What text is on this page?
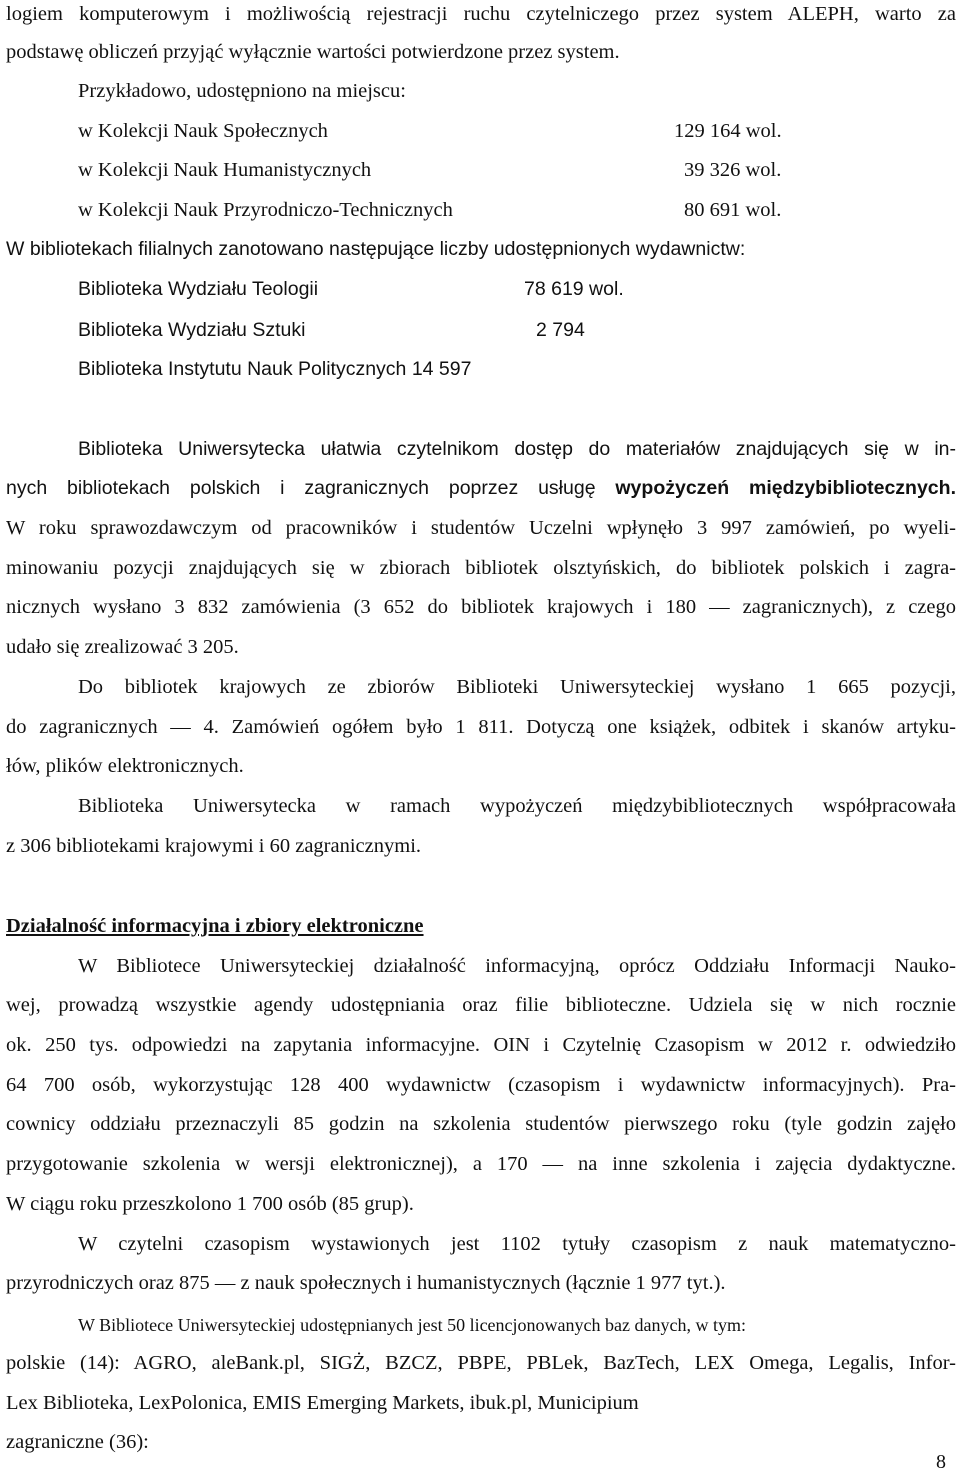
logiem komputerowym i możliwością rejestracji ruchu czytelniczego przez system ALEPH, warto za
podstawę obliczeń przyjąć wyłącznie wartości potwierdzone przez system.
Przykładowo, udostępniono na miejscu:
w Kolekcji Nauk Społecznych	129 164 wol.
w Kolekcji Nauk Humanistycznych	39 326 wol.
w Kolekcji Nauk Przyrodniczo-Technicznych	80 691 wol.
W bibliotekach filialnych zanotowano następujące liczby udostępnionych wydawnictw:
Biblioteka Wydziału Teologii	78 619 wol.
Biblioteka Wydziału Sztuki	2 794
Biblioteka Instytutu Nauk Politycznych 14 597
Biblioteka Uniwersytecka ułatwia czytelnikom dostęp do materiałów znajdujących się w in-
nych bibliotekach polskich i zagranicznych poprzez usługę wypożyczeń międzybibliotecznych.
W roku sprawozdawczym od pracowników i studentów Uczelni wpłynęło 3 997 zamówień, po wyeli-
minowaniu pozycji znajdujących się w zbiorach bibliotek olsztyńskich, do bibliotek polskich i zagra-
nicznych wysłano 3 832 zamówienia (3 652 do bibliotek krajowych i 180 — zagranicznych), z czego
udało się zrealizować 3 205.
Do bibliotek krajowych ze zbiorów Biblioteki Uniwersyteckiej wysłano 1 665 pozycji,
do zagranicznych — 4. Zamówień ogółem było 1 811. Dotyczą one książek, odbitek i skanów artyku-
łów, plików elektronicznych.
Biblioteka Uniwersytecka w ramach wypożyczeń międzybibliotecznych współpracowała
z 306 bibliotekami krajowymi i 60 zagranicznymi.
Działalność informacyjna i zbiory elektroniczne
W Bibliotece Uniwersyteckiej działalność informacyjną, oprócz Oddziału Informacji Nauko-
wej, prowadzą wszystkie agendy udostępniania oraz filie biblioteczne. Udziela się w nich rocznie
ok. 250 tys. odpowiedzi na zapytania informacyjne. OIN i Czytelnię Czasopism w 2012 r. odwiedziło
64 700 osób, wykorzystując 128 400 wydawnictw (czasopism i wydawnictw informacyjnych). Pra-
cownicy oddziału przeznaczyli 85 godzin na szkolenia studentów pierwszego roku (tyle godzin zajęło
przygotowanie szkolenia w wersji elektronicznej), a 170 — na inne szkolenia i zajęcia dydaktyczne.
W ciągu roku przeszkolono 1 700 osób (85 grup).
W czytelni czasopism wystawionych jest 1102 tytuły czasopism z nauk matematyczno-
przyrodniczych oraz 875 — z nauk społecznych i humanistycznych (łącznie 1 977 tyt.).
W Bibliotece Uniwersyteckiej udostępnianych jest 50 licencjonowanych baz danych, w tym:
polskie (14): AGRO, aleBank.pl, SIGŻ, BZCZ, PBPE, PBLek, BazTech, LEX Omega, Legalis, Infor-
Lex Biblioteka, LexPolonica, EMIS Emerging Markets, ibuk.pl, Municipium
zagraniczne (36):
8
